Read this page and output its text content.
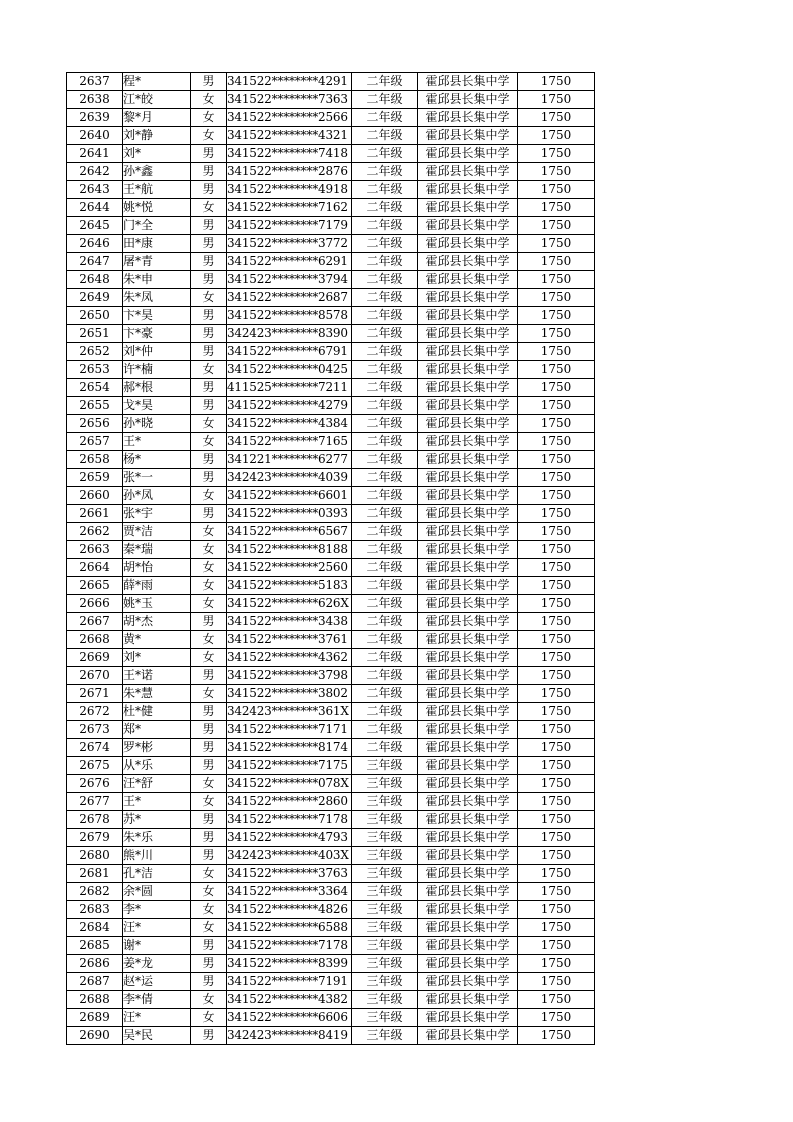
2637	程*	男	341522********4291	二年级	霍邱县长集中学	1750
2638	江*皎	女	341522********7363	二年级	霍邱县长集中学	1750
2639	黎*月	女	341522********2566	二年级	霍邱县长集中学	1750
2640	刘*静	女	341522********4321	二年级	霍邱县长集中学	1750
2641	刘*	男	341522********7418	二年级	霍邱县长集中学	1750
2642	孙*鑫	男	341522********2876	二年级	霍邱县长集中学	1750
2643	王*航	男	341522********4918	二年级	霍邱县长集中学	1750
2644	姚*悦	女	341522********7162	二年级	霍邱县长集中学	1750
2645	门*全	男	341522********7179	二年级	霍邱县长集中学	1750
2646	田*康	男	341522********3772	二年级	霍邱县长集中学	1750
2647	屠*青	男	341522********6291	二年级	霍邱县长集中学	1750
2648	朱*申	男	341522********3794	二年级	霍邱县长集中学	1750
2649	朱*凤	女	341522********2687	二年级	霍邱县长集中学	1750
2650	卞*昊	男	341522********8578	二年级	霍邱县长集中学	1750
2651	卞*豪	男	342423********8390	二年级	霍邱县长集中学	1750
2652	刘*仲	男	341522********6791	二年级	霍邱县长集中学	1750
2653	许*楠	女	341522********0425	二年级	霍邱县长集中学	1750
2654	郝*根	男	411525********7211	二年级	霍邱县长集中学	1750
2655	戈*昊	男	341522********4279	二年级	霍邱县长集中学	1750
2656	孙*晓	女	341522********4384	二年级	霍邱县长集中学	1750
2657	王*	女	341522********7165	二年级	霍邱县长集中学	1750
2658	杨*	男	341221********6277	二年级	霍邱县长集中学	1750
2659	张*一	男	342423********4039	二年级	霍邱县长集中学	1750
2660	孙*凤	女	341522********6601	二年级	霍邱县长集中学	1750
2661	张*宇	男	341522********0393	二年级	霍邱县长集中学	1750
2662	贾*洁	女	341522********6567	二年级	霍邱县长集中学	1750
2663	秦*瑞	女	341522********8188	二年级	霍邱县长集中学	1750
2664	胡*怡	女	341522********2560	二年级	霍邱县长集中学	1750
2665	薛*雨	女	341522********5183	二年级	霍邱县长集中学	1750
2666	姚*玉	女	341522********626X	二年级	霍邱县长集中学	1750
2667	胡*杰	男	341522********3438	二年级	霍邱县长集中学	1750
2668	黄*	女	341522********3761	二年级	霍邱县长集中学	1750
2669	刘*	女	341522********4362	二年级	霍邱县长集中学	1750
2670	王*诺	男	341522********3798	二年级	霍邱县长集中学	1750
2671	朱*慧	女	341522********3802	二年级	霍邱县长集中学	1750
2672	杜*健	男	342423********361X	二年级	霍邱县长集中学	1750
2673	郑*	男	341522********7171	二年级	霍邱县长集中学	1750
2674	罗*彬	男	341522********8174	二年级	霍邱县长集中学	1750
2675	从*乐	男	341522********7175	三年级	霍邱县长集中学	1750
2676	汪*舒	女	341522********078X	三年级	霍邱县长集中学	1750
2677	王*	女	341522********2860	三年级	霍邱县长集中学	1750
2678	苏*	男	341522********7178	三年级	霍邱县长集中学	1750
2679	朱*乐	男	341522********4793	三年级	霍邱县长集中学	1750
2680	熊*川	男	342423********403X	三年级	霍邱县长集中学	1750
2681	孔*洁	女	341522********3763	三年级	霍邱县长集中学	1750
2682	余*圆	女	341522********3364	三年级	霍邱县长集中学	1750
2683	李*	女	341522********4826	三年级	霍邱县长集中学	1750
2684	汪*	女	341522********6588	三年级	霍邱县长集中学	1750
2685	谢*	男	341522********7178	三年级	霍邱县长集中学	1750
2686	姜*龙	男	341522********8399	三年级	霍邱县长集中学	1750
2687	赵*运	男	341522********7191	三年级	霍邱县长集中学	1750
2688	李*倩	女	341522********4382	三年级	霍邱县长集中学	1750
2689	汪*	女	341522********6606	三年级	霍邱县长集中学	1750
2690	吴*民	男	342423********8419	三年级	霍邱县长集中学	1750
